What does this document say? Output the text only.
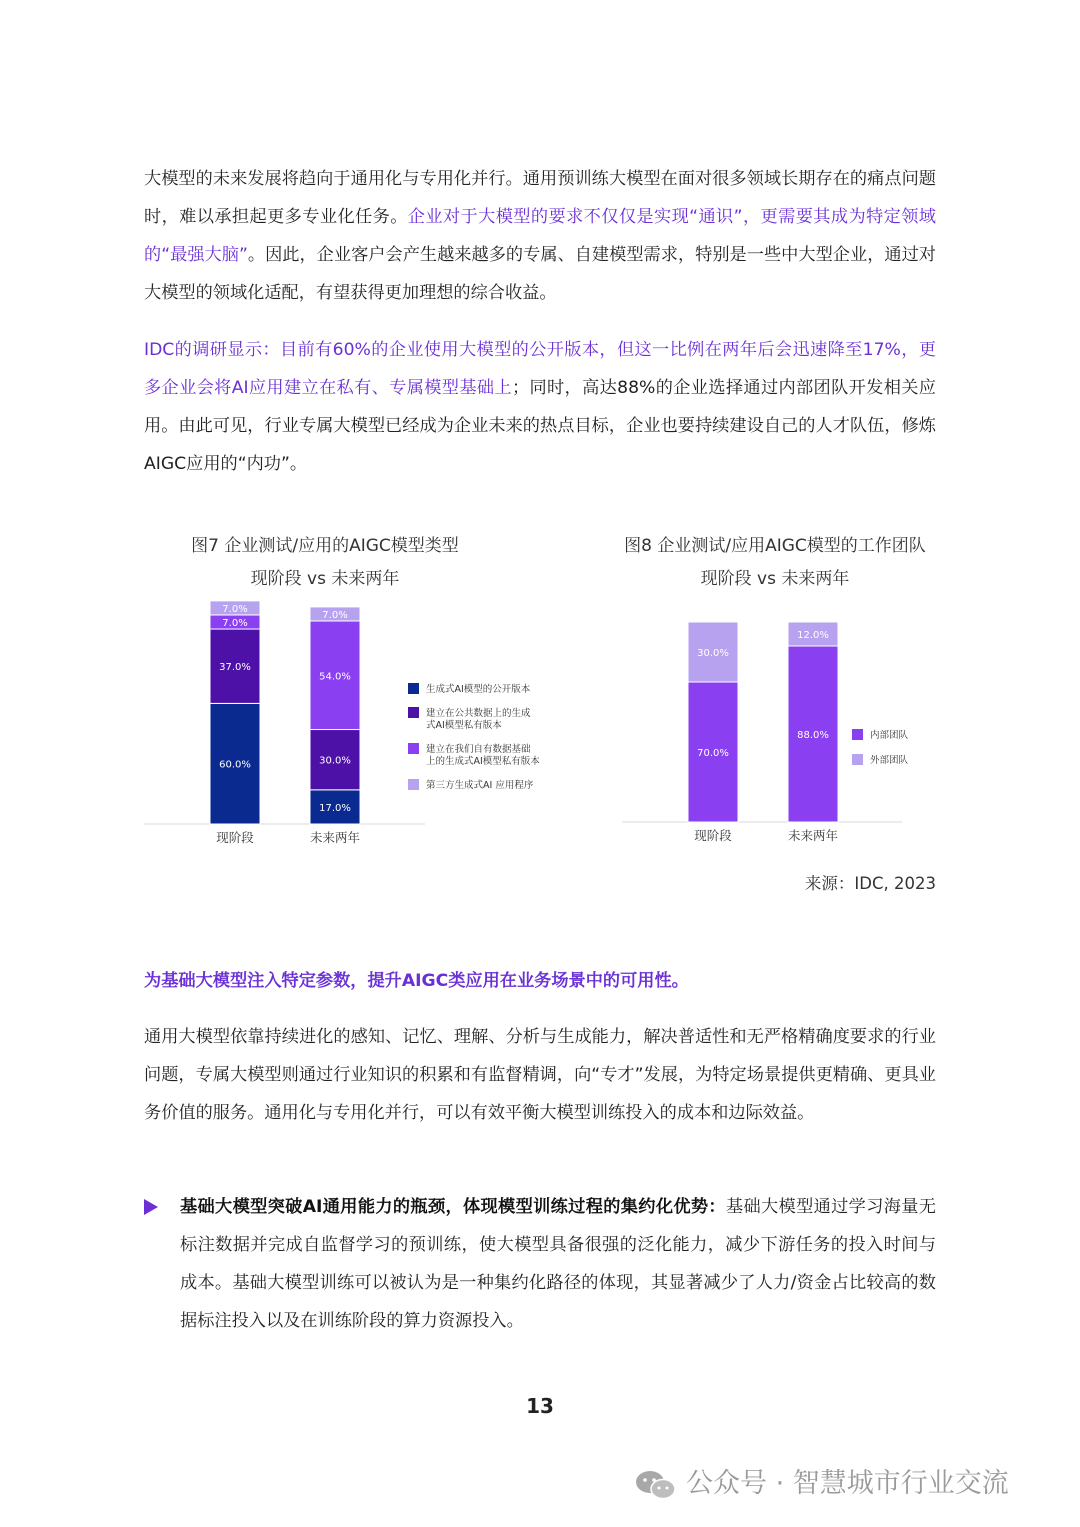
大模型的未来发展将趋向于通用化与专用化并行。通用预训练大模型在面对很多领域长期存在的痛点问题时，难以承担起更多专业化任务。企业对于大模型的要求不仅仅是实现“通识”，更需要其成为特定领域的“最强大脑”。因此，企业客户会产生越来越多的专属、自建模型需求，特别是一些中大型企业，通过对大模型的领域化适配，有望获得更加理想的综合收益。
IDC的调研显示：目前有60%的企业使用大模型的公开版本，但这一比例在两年后会迅速降至17%，更多企业会将AI应用建立在私有、专属模型基础上；同时，高达88%的企业选择通过内部团队开发相关应用。由此可见，行业专属大模型已经成为企业未来的热点目标，企业也要持续建设自己的人才队伍，修炼AIGC应用的“内功”。
图7 企业测试/应用的AIGC模型类型
现阶段 vs 未来两年
图8 企业测试/应用AIGC模型的工作团队
现阶段 vs 未来两年
60.0%
37.0%
7.0%
7.0%
现阶段
17.0%
30.0%
54.0%
7.0%
未来两年
生成式AI模型的公开版本
建立在公共数据上的生成
式AI模型私有版本
建立在我们自有数据基础
上的生成式AI模型私有版本
第三方生成式AI 应用程序
70.0%
30.0%
现阶段
88.0%
12.0%
未来两年
内部团队
外部团队
来源：IDC, 2023
为基础大模型注入特定参数，提升AIGC类应用在业务场景中的可用性。
通用大模型依靠持续进化的感知、记忆、理解、分析与生成能力，解决普适性和无严格精确度要求的行业问题，专属大模型则通过行业知识的积累和有监督精调，向“专才”发展，为特定场景提供更精确、更具业务价值的服务。通用化与专用化并行，可以有效平衡大模型训练投入的成本和边际效益。
基础大模型突破AI通用能力的瓶颈，体现模型训练过程的集约化优势：基础大模型通过学习海量无标注数据并完成自监督学习的预训练，使大模型具备很强的泛化能力，减少下游任务的投入时间与成本。基础大模型训练可以被认为是一种集约化路径的体现，其显著减少了人力/资金占比较高的数据标注投入以及在训练阶段的算力资源投入。
13
公众号 · 智慧城市行业交流
